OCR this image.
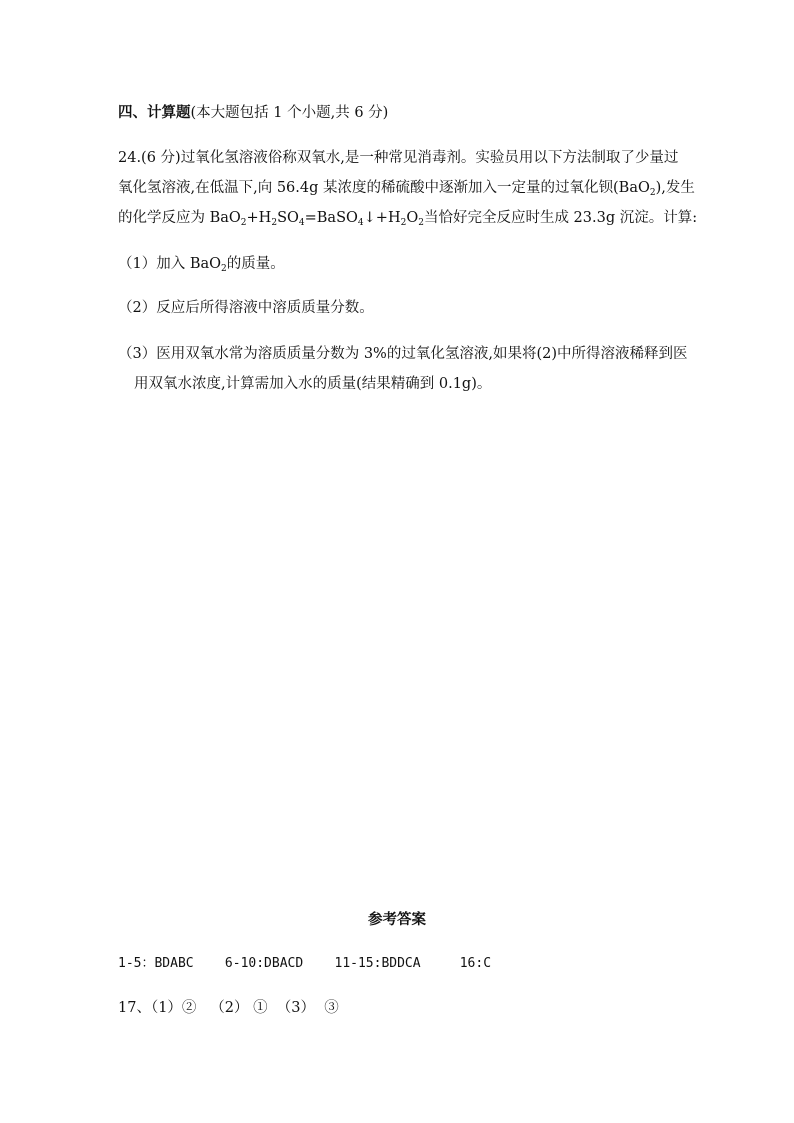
四、计算题(本大题包括 1 个小题,共 6 分)
24.(6 分)过氧化氢溶液俗称双氧水,是一种常见消毒剂。实验员用以下方法制取了少量过
氧化氢溶液,在低温下,向 56.4g 某浓度的稀硫酸中逐渐加入一定量的过氧化钡(BaO$_2$),发生
的化学反应为 $BaO_2+H_2SO_4=BaSO_4↓+H_2O_2$当恰好完全反应时生成 23.3g 沉淀。计算:
（1）加入 BaO$_2$的质量。
（2）反应后所得溶液中溶质质量分数。
（3）医用双氧水常为溶质质量分数为 3%的过氧化氢溶液,如果将(2)中所得溶液稀释到医
用双氧水浓度,计算需加入水的质量(结果精确到 0.1g)。
参考答案
1-5：BDABC    6-10:DBACD    11-15:BDDCA     16:C
17、（1）②   （2） ①  （3）  ③
